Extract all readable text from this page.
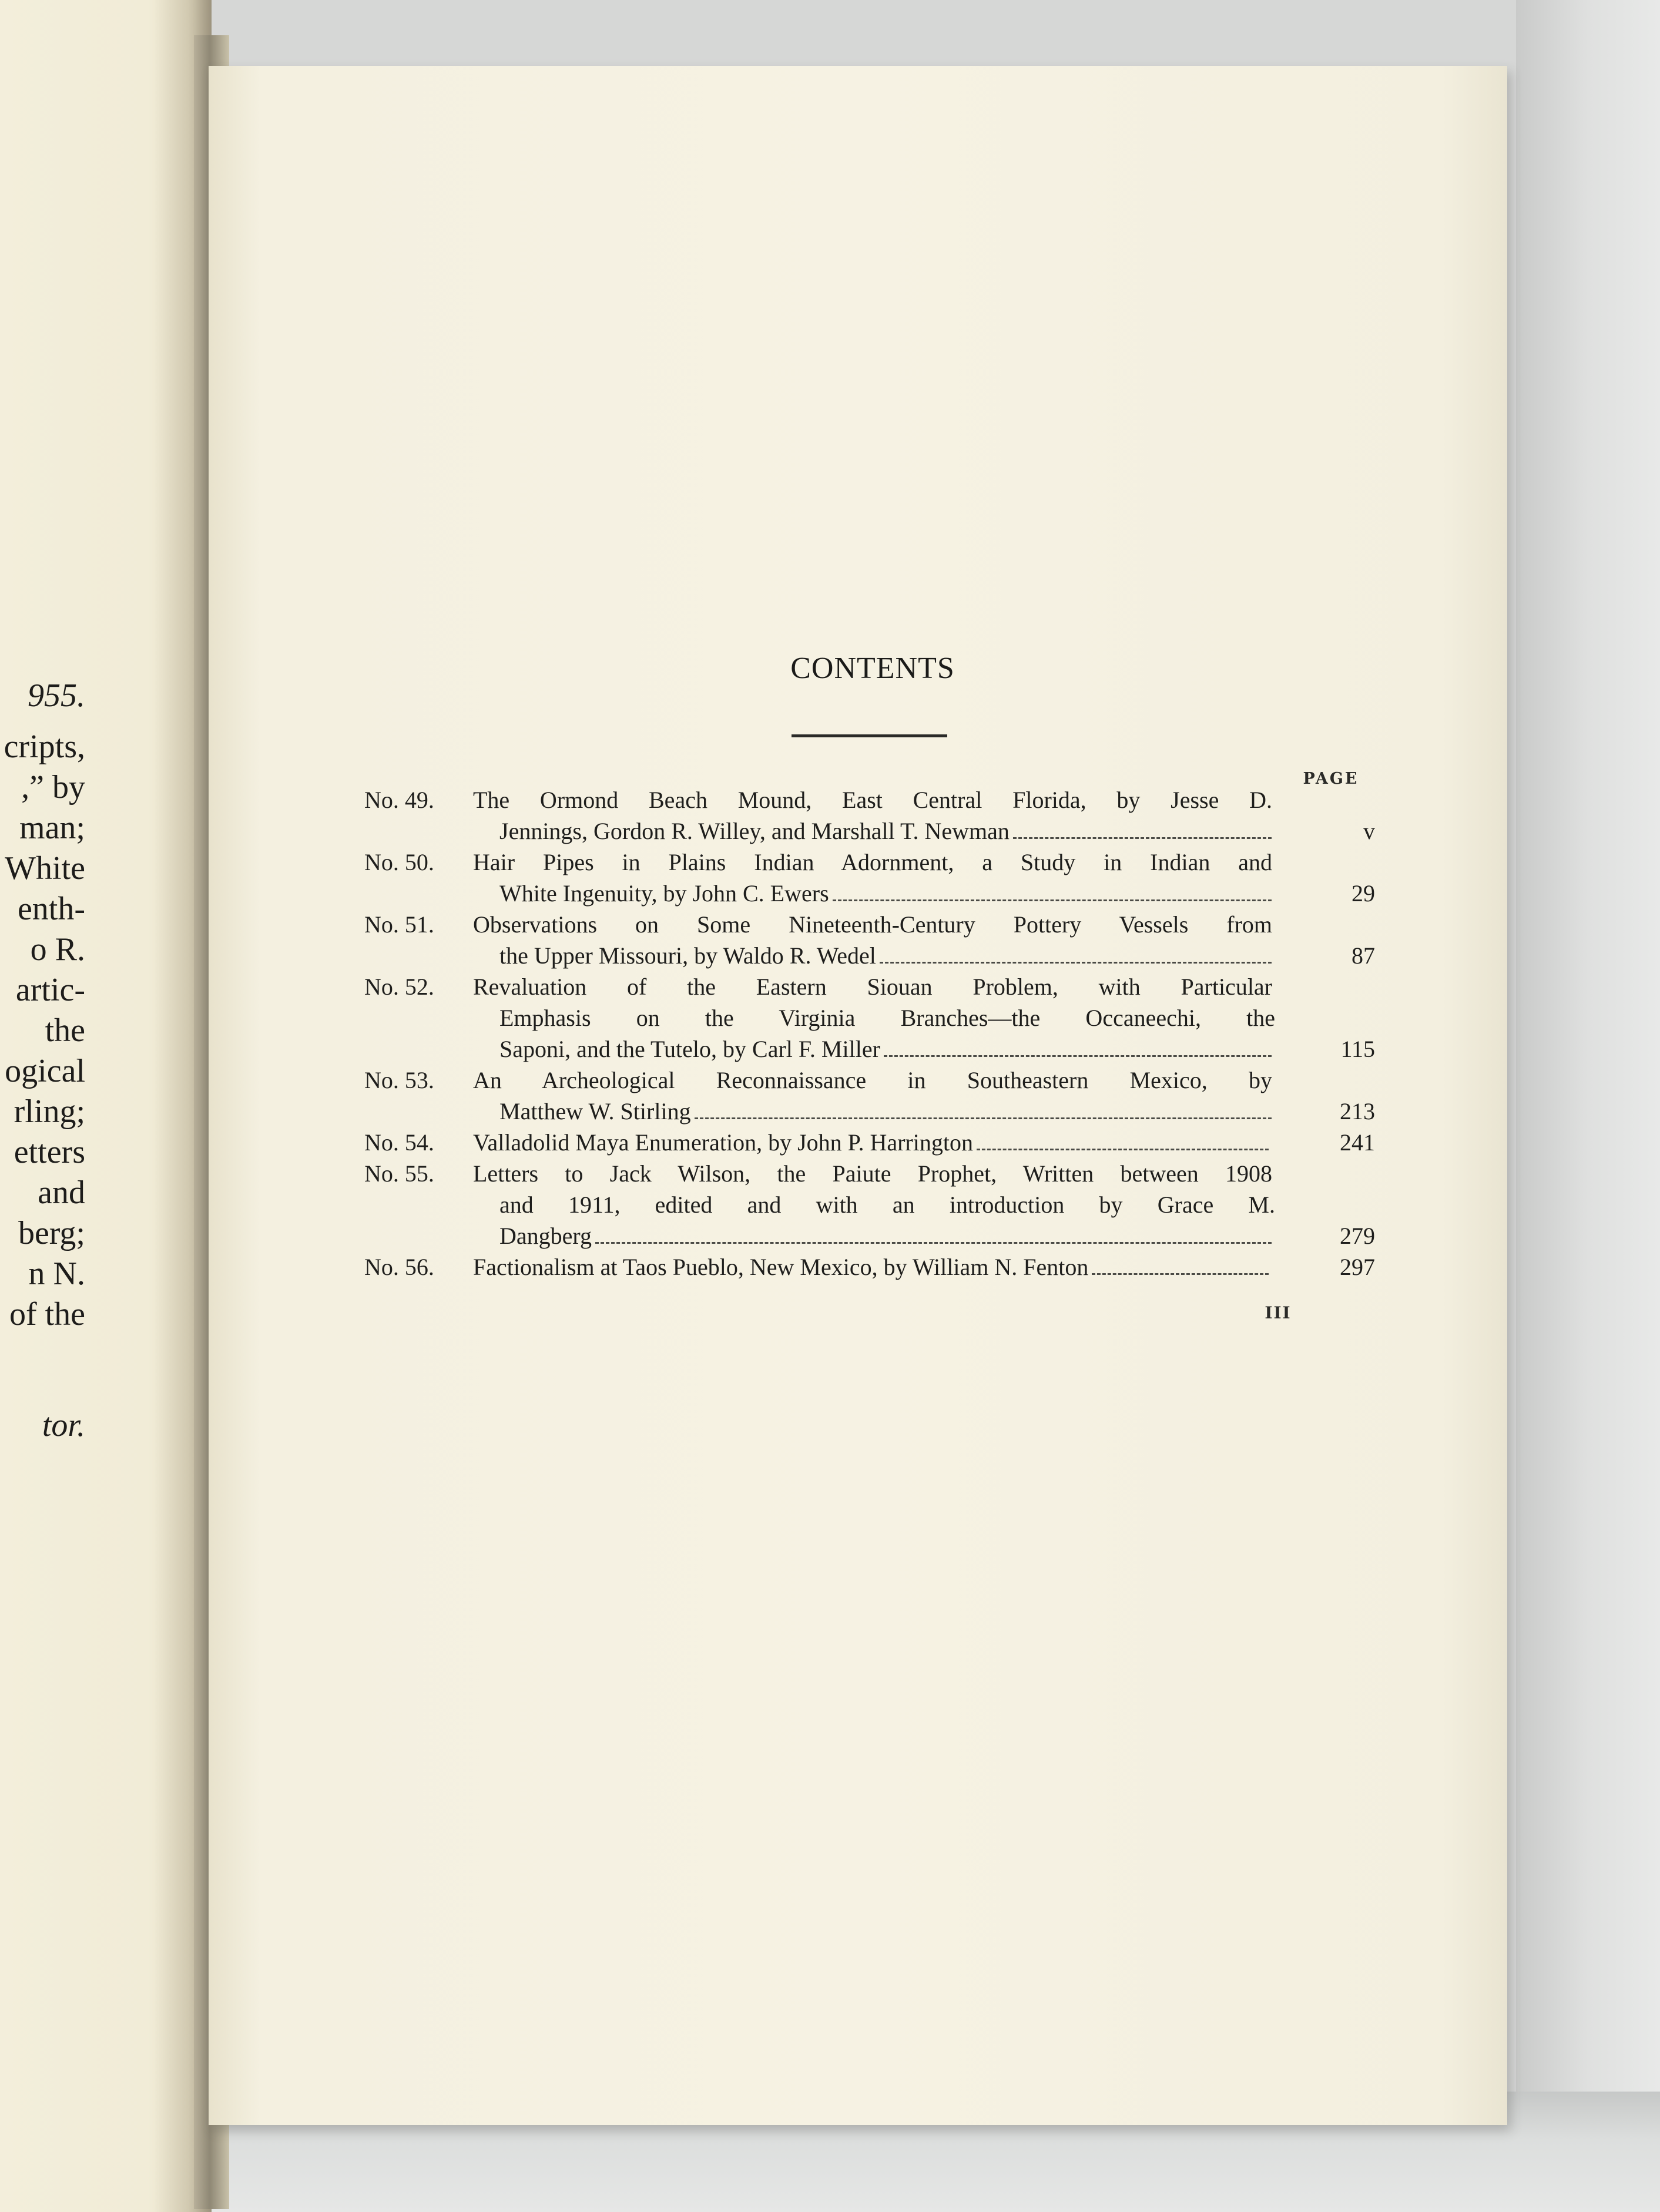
955.
cripts,
,” by
man;
White
enth-
o R.
artic-
the
ogical
rling;
etters
and
berg;
n N.
of the
tor.
CONTENTS
PAGE
No. 49.	The Ormond Beach Mound, East Central Florida, by Jesse D.
Jennings, Gordon R. Willey, and Marshall T. Newman	v
No. 50.	Hair Pipes in Plains Indian Adornment, a Study in Indian and
White Ingenuity, by John C. Ewers	29
No. 51.	Observations on Some Nineteenth-Century Pottery Vessels from
the Upper Missouri, by Waldo R. Wedel	87
No. 52.	Revaluation of the Eastern Siouan Problem, with Particular
Emphasis on the Virginia Branches—the Occaneechi, the
Saponi, and the Tutelo, by Carl F. Miller	115
No. 53.	An Archeological Reconnaissance in Southeastern Mexico, by
Matthew W. Stirling	213
No. 54.	Valladolid Maya Enumeration, by John P. Harrington	241
No. 55.	Letters to Jack Wilson, the Paiute Prophet, Written between 1908
and 1911, edited and with an introduction by Grace M.
Dangberg	279
No. 56.	Factionalism at Taos Pueblo, New Mexico, by William N. Fenton	297
III
